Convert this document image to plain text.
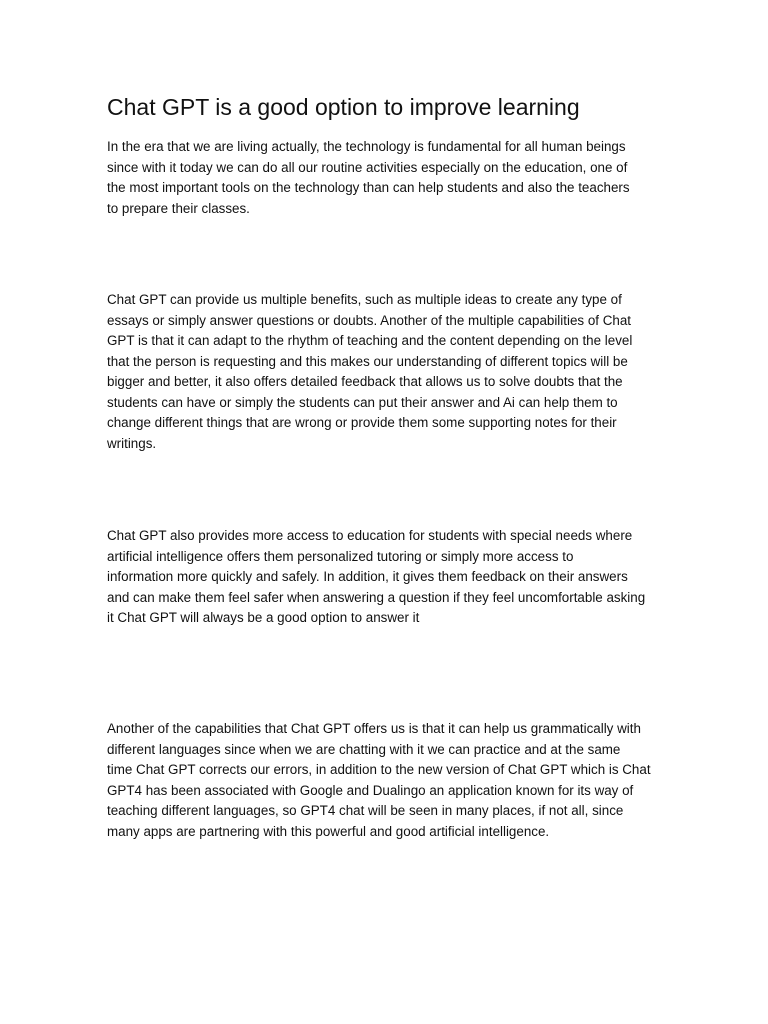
Chat GPT is a good option to improve learning

In the era that we are living actually, the technology is fundamental for all human beings
since with it today we can do all our routine activities especially on the education, one of
the most important tools on the technology than can help students and also the teachers
to prepare their classes.

Chat GPT can provide us multiple benefits, such as multiple ideas to create any type of
essays or simply answer questions or doubts. Another of the multiple capabilities of Chat
GPT is that it can adapt to the rhythm of teaching and the content depending on the level
that the person is requesting and this makes our understanding of different topics will be
bigger and better, it also offers detailed feedback that allows us to solve doubts that the
students can have or simply the students can put their answer and Ai can help them to
change different things that are wrong or provide them some supporting notes for their
writings.

Chat GPT also provides more access to education for students with special needs where
artificial intelligence offers them personalized tutoring or simply more access to
information more quickly and safely. In addition, it gives them feedback on their answers
and can make them feel safer when answering a question if they feel uncomfortable asking
it Chat GPT will always be a good option to answer it

Another of the capabilities that Chat GPT offers us is that it can help us grammatically with
different languages since when we are chatting with it we can practice and at the same
time Chat GPT corrects our errors, in addition to the new version of Chat GPT which is Chat
GPT4 has been associated with Google and Dualingo an application known for its way of
teaching different languages, so GPT4 chat will be seen in many places, if not all, since
many apps are partnering with this powerful and good artificial intelligence.
